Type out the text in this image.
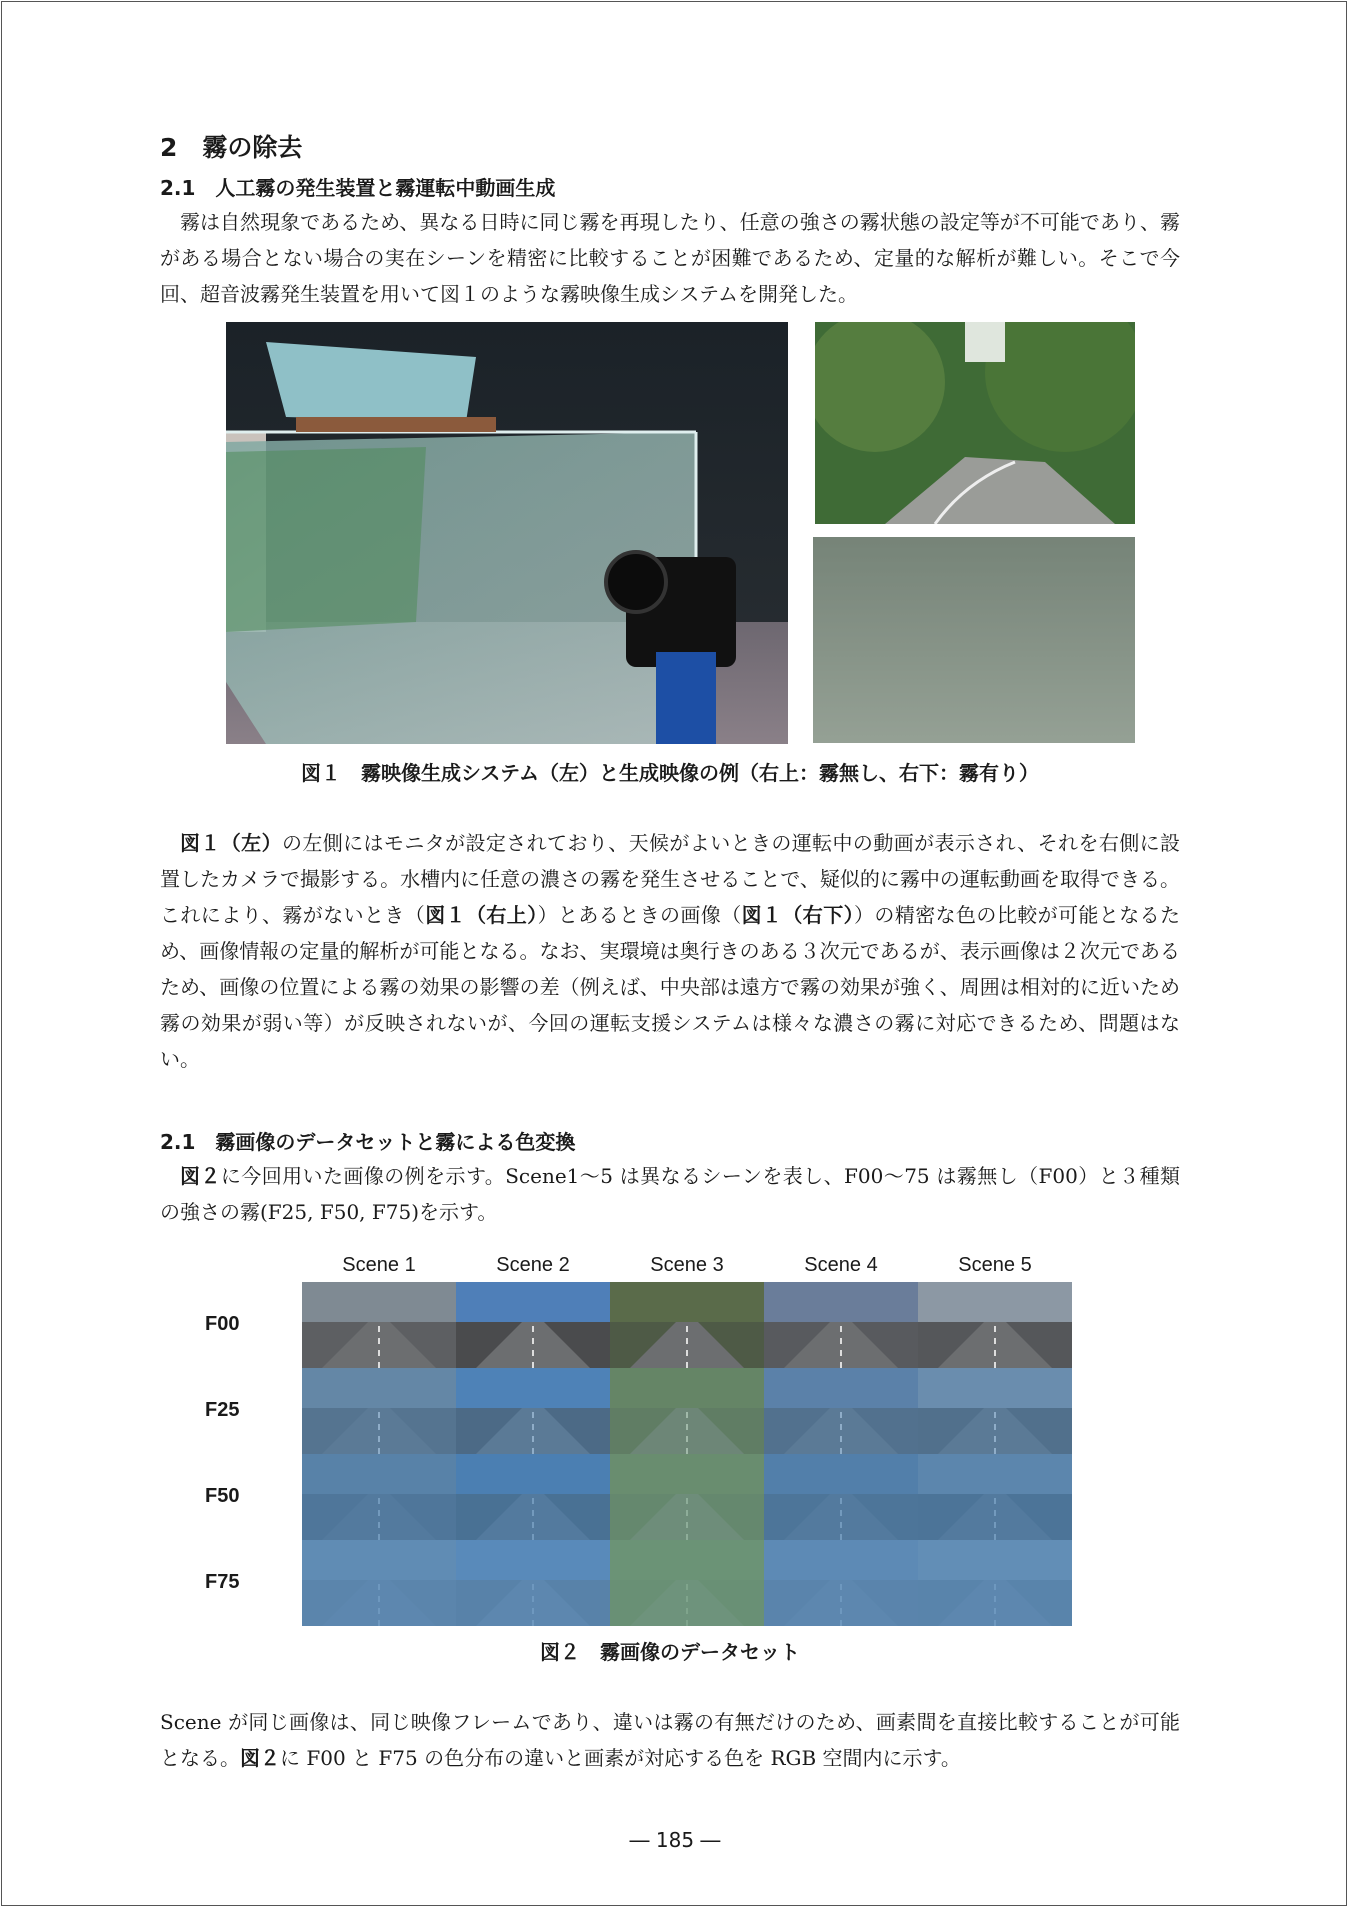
2　霧の除去
2.1　人工霧の発生装置と霧運転中動画生成

霧は自然現象であるため、異なる日時に同じ霧を再現したり、任意の強さの霧状態の設定等が不可能であり、霧がある場合とない場合の実在シーンを精密に比較することが困難であるため、定量的な解析が難しい。そこで今回、超音波霧発生装置を用いて図１のような霧映像生成システムを開発した。

図１　霧映像生成システム（左）と生成映像の例（右上：霧無し、右下：霧有り）

図１（左）の左側にはモニタが設定されており、天候がよいときの運転中の動画が表示され、それを右側に設置したカメラで撮影する。水槽内に任意の濃さの霧を発生させることで、疑似的に霧中の運転動画を取得できる。これにより、霧がないとき（図１（右上））とあるときの画像（図１（右下））の精密な色の比較が可能となるため、画像情報の定量的解析が可能となる。なお、実環境は奥行きのある３次元であるが、表示画像は２次元であるため、画像の位置による霧の効果の影響の差（例えば、中央部は遠方で霧の効果が強く、周囲は相対的に近いため霧の効果が弱い等）が反映されないが、今回の運転支援システムは様々な濃さの霧に対応できるため、問題はない。

2.1　霧画像のデータセットと霧による色変換

図２に今回用いた画像の例を示す。Scene1～5 は異なるシーンを表し、F00～75 は霧無し（F00）と３種類の強さの霧(F25, F50, F75)を示す。

Scene 1	Scene 2	Scene 3	Scene 4	Scene 5
F00
F25
F50
F75
図２　霧画像のデータセット

Scene が同じ画像は、同じ映像フレームであり、違いは霧の有無だけのため、画素間を直接比較することが可能となる。図２に F00 と F75 の色分布の違いと画素が対応する色を RGB 空間内に示す。

― 185 ―
